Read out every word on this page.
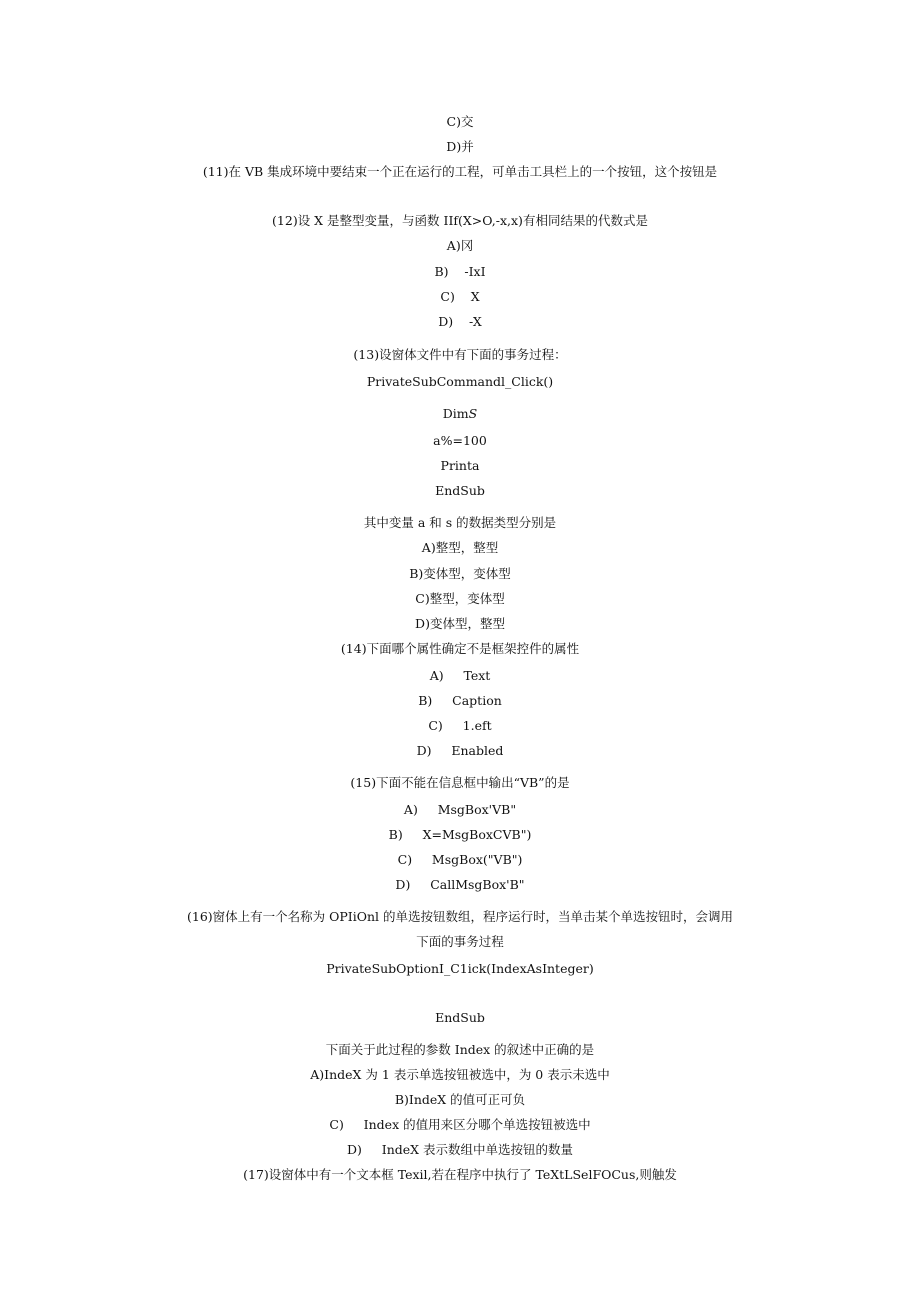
C)交
D)并
(11)在 VB 集成环境中要结束一个正在运行的工程，可单击工具栏上的一个按钮，这个按钮是
(12)设 X 是整型变量，与函数 IIf(X>O,-x,x)有相同结果的代数式是
A)冈
B)    -IxI
C)    X
D)    -X
(13)设窗体文件中有下面的事务过程：
PrivateSubCommandl_Click()
Dim𝑆
a%=100
Printa
EndSub
其中变量 a 和 s 的数据类型分别是
A)整型，整型
B)变体型，变体型
C)整型，变体型
D)变体型，整型
(14)下面哪个属性确定不是框架控件的属性
A)     Text
B)     Caption
C)     1.eft
D)     Enabled
(15)下面不能在信息框中输出“VB”的是
A)     MsgBox'VB"
B)     X=MsgBoxCVB")
C)     MsgBox("VB")
D)     CallMsgBox'B"
(16)窗体上有一个名称为 OPIiOnl 的单选按钮数组，程序运行时，当单击某个单选按钮时，会调用
下面的事务过程
PrivateSubOptionI_C1ick(IndexAsInteger)
EndSub
下面关于此过程的参数 Index 的叙述中正确的是
A)IndeX 为 1 表示单选按钮被选中，为 0 表示未选中
B)IndeX 的值可正可负
C)     Index 的值用来区分哪个单选按钮被选中
D)     IndeX 表示数组中单选按钮的数量
(17)设窗体中有一个文本框 Texil,若在程序中执行了 TeXtLSelFOCus,则触发
